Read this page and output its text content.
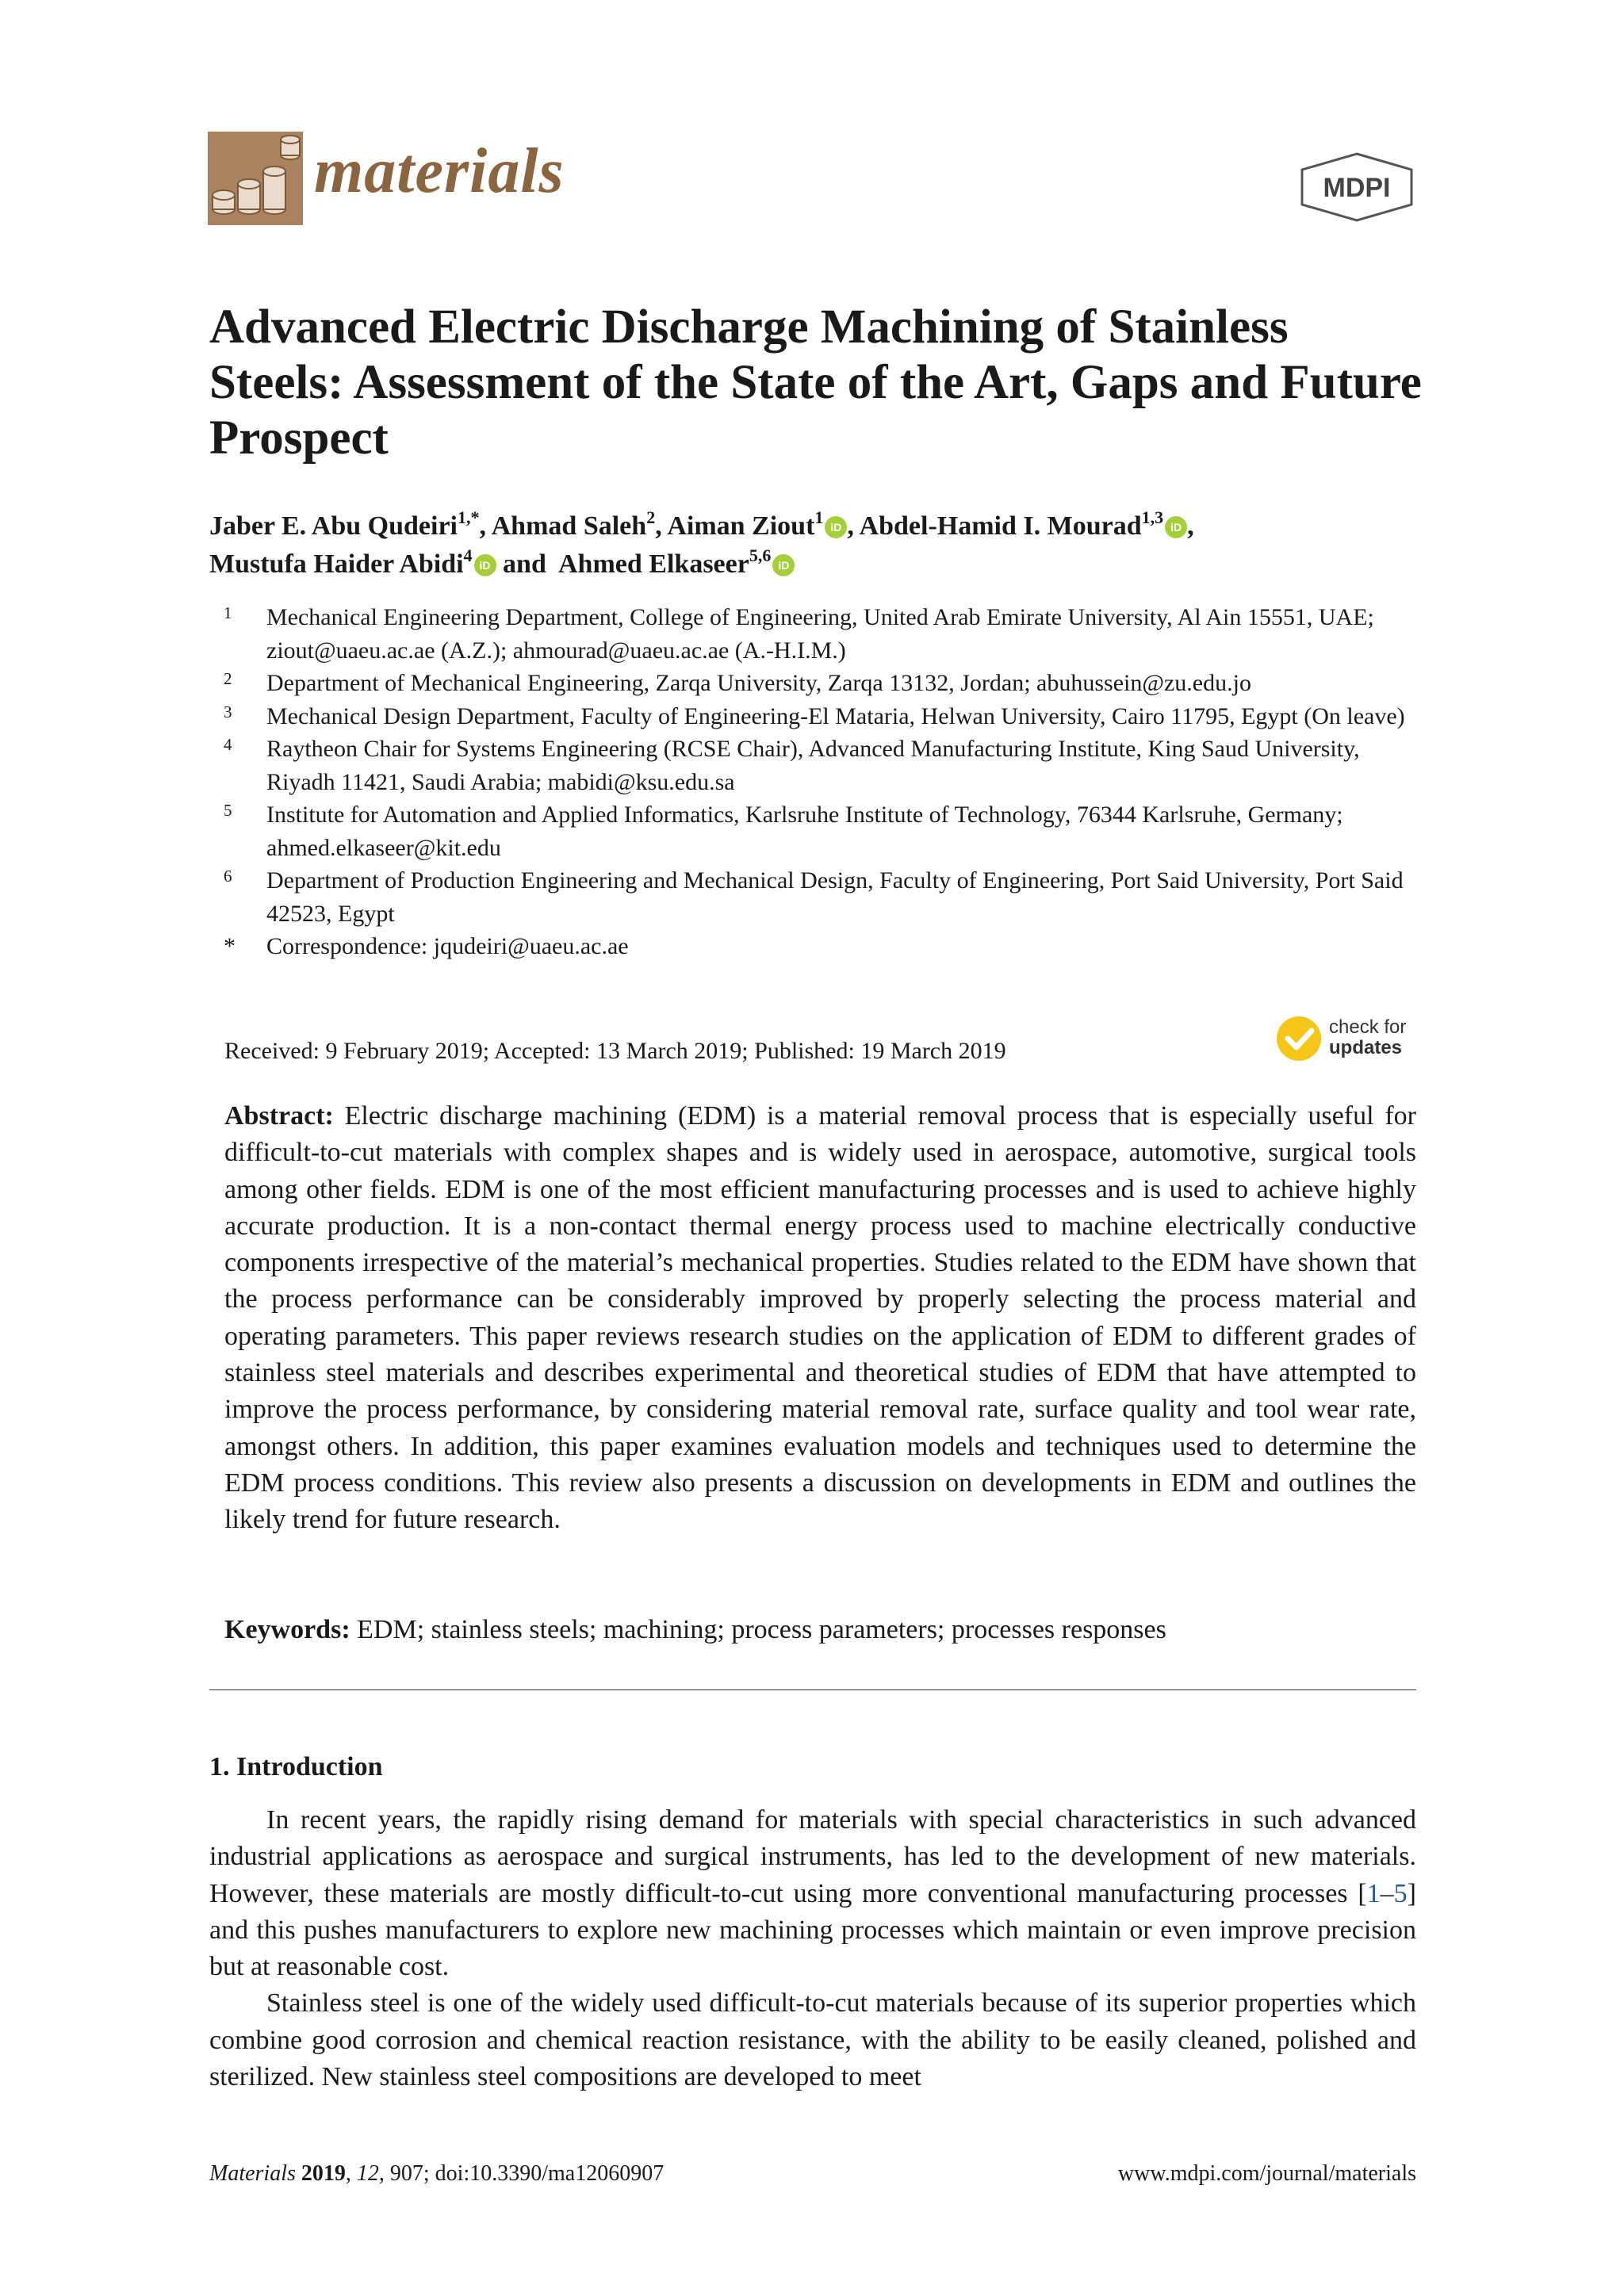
materials	MDPI
Advanced Electric Discharge Machining of Stainless Steels: Assessment of the State of the Art, Gaps and Future Prospect
Jaber E. Abu Qudeiri$^{1,*}$, Ahmad Saleh$^2$, Aiman Ziout$^1$ iD , Abdel-Hamid I. Mourad$^{1,3}$ iD ,
Mustufa Haider Abidi$^4$ iD and  Ahmed Elkaseer$^{5,6}$ iD
1	Mechanical Engineering Department, College of Engineering, United Arab Emirate University, Al Ain 15551, UAE; ziout@uaeu.ac.ae (A.Z.); ahmourad@uaeu.ac.ae (A.-H.I.M.)
2	Department of Mechanical Engineering, Zarqa University, Zarqa 13132, Jordan; abuhussein@zu.edu.jo
3	Mechanical Design Department, Faculty of Engineering-El Mataria, Helwan University, Cairo 11795, Egypt (On leave)
4	Raytheon Chair for Systems Engineering (RCSE Chair), Advanced Manufacturing Institute, King Saud University, Riyadh 11421, Saudi Arabia; mabidi@ksu.edu.sa
5	Institute for Automation and Applied Informatics, Karlsruhe Institute of Technology, 76344 Karlsruhe, Germany; ahmed.elkaseer@kit.edu
6	Department of Production Engineering and Mechanical Design, Faculty of Engineering, Port Said University, Port Said 42523, Egypt
*	Correspondence: jqudeiri@uaeu.ac.ae
Received: 9 February 2019; Accepted: 13 March 2019; Published: 19 March 2019
check for
updates
Abstract: Electric discharge machining (EDM) is a material removal process that is especially useful for difficult-to-cut materials with complex shapes and is widely used in aerospace, automotive, surgical tools among other fields. EDM is one of the most efficient manufacturing processes and is used to achieve highly accurate production. It is a non-contact thermal energy process used to machine electrically conductive components irrespective of the material’s mechanical properties. Studies related to the EDM have shown that the process performance can be considerably improved by properly selecting the process material and operating parameters. This paper reviews research studies on the application of EDM to different grades of stainless steel materials and describes experimental and theoretical studies of EDM that have attempted to improve the process performance, by considering material removal rate, surface quality and tool wear rate, amongst others. In addition, this paper examines evaluation models and techniques used to determine the EDM process conditions. This review also presents a discussion on developments in EDM and outlines the likely trend for future research.
Keywords: EDM; stainless steels; machining; process parameters; processes responses
1. Introduction

In recent years, the rapidly rising demand for materials with special characteristics in such advanced industrial applications as aerospace and surgical instruments, has led to the development of new materials. However, these materials are mostly difficult-to-cut using more conventional manufacturing processes [1–5] and this pushes manufacturers to explore new machining processes which maintain or even improve precision but at reasonable cost.

Stainless steel is one of the widely used difficult-to-cut materials because of its superior properties which combine good corrosion and chemical reaction resistance, with the ability to be easily cleaned, polished and sterilized. New stainless steel compositions are developed to meet

Materials 2019, 12, 907; doi:10.3390/ma12060907	www.mdpi.com/journal/materials
